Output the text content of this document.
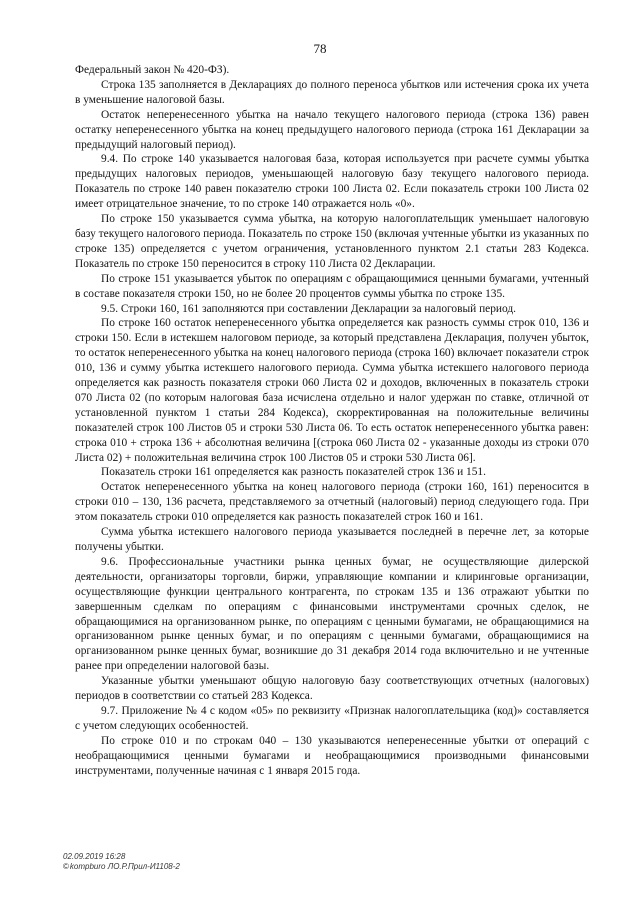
78

Федеральный закон № 420-ФЗ).

Строка 135 заполняется в Декларациях до полного переноса убытков или истечения срока их учета в уменьшение налоговой базы.

Остаток неперенесенного убытка на начало текущего налогового периода (строка 136) равен остатку неперенесенного убытка на конец предыдущего налогового периода (строка 161 Декларации за предыдущий налоговый период).

9.4. По строке 140 указывается налоговая база, которая используется при расчете суммы убытка предыдущих налоговых периодов, уменьшающей налоговую базу текущего налогового периода. Показатель по строке 140 равен показателю строки 100 Листа 02. Если показатель строки 100 Листа 02 имеет отрицательное значение, то по строке 140 отражается ноль «0».

По строке 150 указывается сумма убытка, на которую налогоплательщик уменьшает налоговую базу текущего налогового периода. Показатель по строке 150 (включая учтенные убытки из указанных по строке 135) определяется с учетом ограничения, установленного пунктом 2.1 статьи 283 Кодекса. Показатель по строке 150 переносится в строку 110 Листа 02 Декларации.

По строке 151 указывается убыток по операциям с обращающимися ценными бумагами, учтенный в составе показателя строки 150, но не более 20 процентов суммы убытка по строке 135.

9.5. Строки 160, 161 заполняются при составлении Декларации за налоговый период.

По строке 160 остаток неперенесенного убытка определяется как разность суммы строк 010, 136 и строки 150. Если в истекшем налоговом периоде, за который представлена Декларация, получен убыток, то остаток неперенесенного убытка на конец налогового периода (строка 160) включает показатели строк 010, 136 и сумму убытка истекшего налогового периода. Сумма убытка истекшего налогового периода определяется как разность показателя строки 060 Листа 02 и доходов, включенных в показатель строки 070 Листа 02 (по которым налоговая база исчислена отдельно и налог удержан по ставке, отличной от установленной пунктом 1 статьи 284 Кодекса), скорректированная на положительные величины показателей строк 100 Листов 05 и строки 530 Листа 06. То есть остаток неперенесенного убытка равен: строка 010 + строка 136 + абсолютная величина [(строка 060 Листа 02 - указанные доходы из строки 070 Листа 02) + положительная величина строк 100 Листов 05 и строки 530 Листа 06].

Показатель строки 161 определяется как разность показателей строк 136 и 151.

Остаток неперенесенного убытка на конец налогового периода (строки 160, 161) переносится в строки 010 – 130, 136 расчета, представляемого за отчетный (налоговый) период следующего года. При этом показатель строки 010 определяется как разность показателей строк 160 и 161.

Сумма убытка истекшего налогового периода указывается последней в перечне лет, за которые получены убытки.

9.6. Профессиональные участники рынка ценных бумаг, не осуществляющие дилерской деятельности, организаторы торговли, биржи, управляющие компании и клиринговые организации, осуществляющие функции центрального контрагента, по строкам 135 и 136 отражают убытки по завершенным сделкам по операциям с финансовыми инструментами срочных сделок, не обращающимися на организованном рынке, по операциям с ценными бумагами, не обращающимися на организованном рынке ценных бумаг, и по операциям с ценными бумагами, обращающимися на организованном рынке ценных бумаг, возникшие до 31 декабря 2014 года включительно и не учтенные ранее при определении налоговой базы.

Указанные убытки уменьшают общую налоговую базу соответствующих отчетных (налоговых) периодов в соответствии со статьей 283 Кодекса.

9.7. Приложение № 4 с кодом «05» по реквизиту «Признак налогоплательщика (код)» составляется с учетом следующих особенностей.

По строке 010 и по строкам 040 – 130 указываются неперенесенные убытки от операций с необращающимися ценными бумагами и необращающимися производными финансовыми инструментами, полученные начиная с 1 января 2015 года.

02.09.2019 16:28
©kompburo ЛО.Р.Прил-И1108-2
